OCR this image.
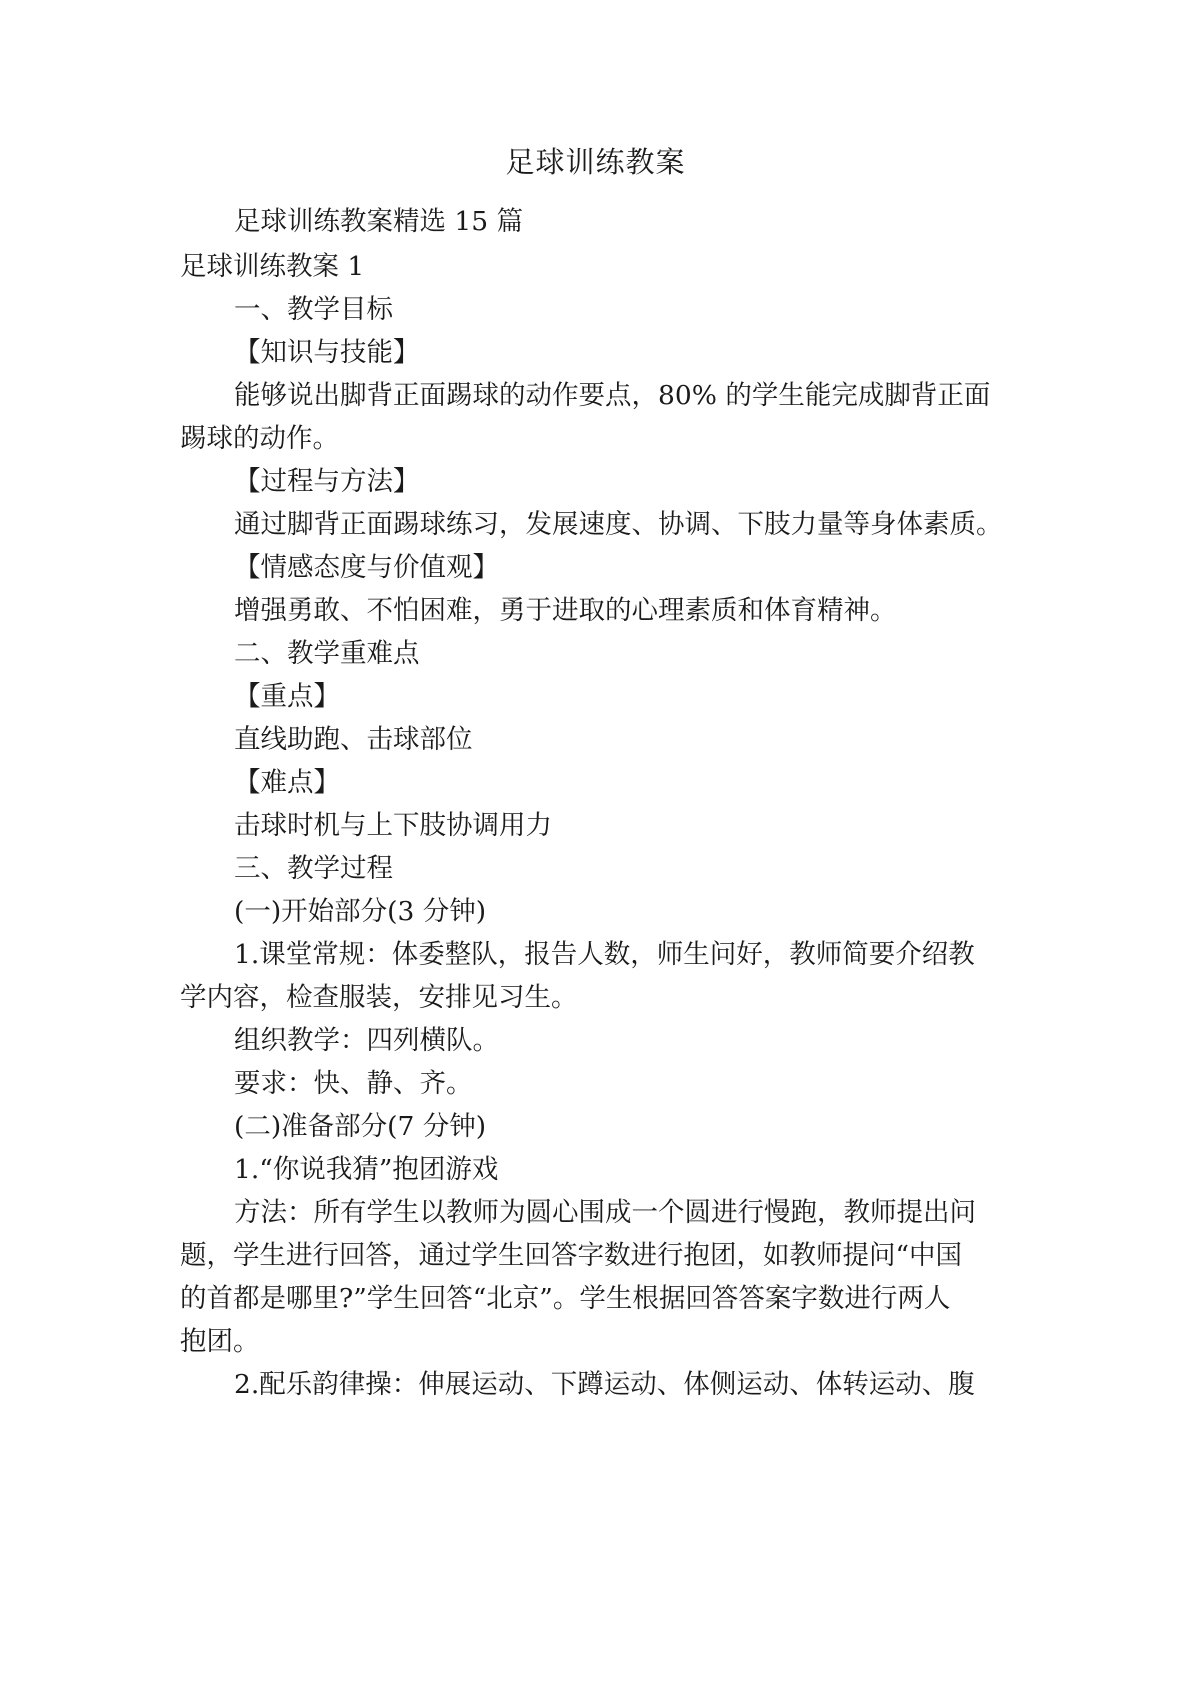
足球训练教案

足球训练教案精选 15 篇

足球训练教案 1

一、教学目标

【知识与技能】

能够说出脚背正面踢球的动作要点，80% 的学生能完成脚背正面

踢球的动作。

【过程与方法】

通过脚背正面踢球练习，发展速度、协调、下肢力量等身体素质。

【情感态度与价值观】

增强勇敢、不怕困难，勇于进取的心理素质和体育精神。

二、教学重难点

【重点】

直线助跑、击球部位

【难点】

击球时机与上下肢协调用力

三、教学过程

(一)开始部分(3 分钟)

1.课堂常规：体委整队，报告人数，师生问好，教师简要介绍教

学内容，检查服装，安排见习生。

组织教学：四列横队。

要求：快、静、齐。

(二)准备部分(7 分钟)

1.“你说我猜”抱团游戏

方法：所有学生以教师为圆心围成一个圆进行慢跑，教师提出问

题，学生进行回答，通过学生回答字数进行抱团，如教师提问“中国

的首都是哪里?”学生回答“北京”。学生根据回答答案字数进行两人

抱团。

2.配乐韵律操：伸展运动、下蹲运动、体侧运动、体转运动、腹
